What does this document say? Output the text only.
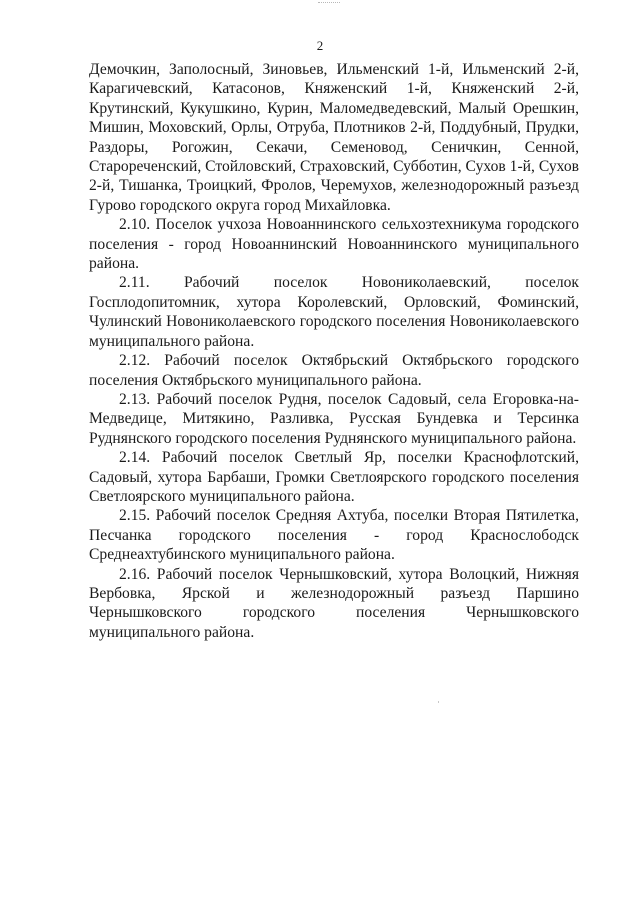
2

Демочкин, Заполосный, Зиновьев, Ильменский 1-й, Ильменский 2-й, Карагичевский, Катасонов, Княженский 1-й, Княженский 2-й, Крутинский, Кукушкино, Курин, Маломедведевский, Малый Орешкин, Мишин, Моховский, Орлы, Отруба, Плотников 2-й, Поддубный, Прудки, Раздоры, Рогожин, Секачи, Семеновод, Сеничкин, Сенной, Старореченский, Стойловский, Страховский, Субботин, Сухов 1-й, Сухов 2-й, Тишанка, Троицкий, Фролов, Черемухов, железнодорожный разъезд Гурово городского округа город Михайловка.

2.10. Поселок учхоза Новоаннинского сельхозтехникума городского поселения - город Новоаннинский Новоаннинского муниципального района.

2.11. Рабочий поселок Новониколаевский, поселок Госплодопитомник, хутора Королевский, Орловский, Фоминский, Чулинский Новониколаевского городского поселения Новониколаевского муниципального района.

2.12. Рабочий поселок Октябрьский Октябрьского городского поселения Октябрьского муниципального района.

2.13. Рабочий поселок Рудня, поселок Садовый, села Егоровка-на-Медведице, Митякино, Разливка, Русская Бундевка и Терсинка Руднянского городского поселения Руднянского муниципального района.

2.14. Рабочий поселок Светлый Яр, поселки Краснофлотский, Садовый, хутора Барбаши, Громки Светлоярского городского поселения Светлоярского муниципального района.

2.15. Рабочий поселок Средняя Ахтуба, поселки Вторая Пятилетка, Песчанка городского поселения - город Краснослободск Среднеахтубинского муниципального района.

2.16. Рабочий поселок Чернышковский, хутора Волоцкий, Нижняя Вербовка, Ярской и железнодорожный разъезд Паршино Чернышковского городского поселения Чернышковского муниципального района.
